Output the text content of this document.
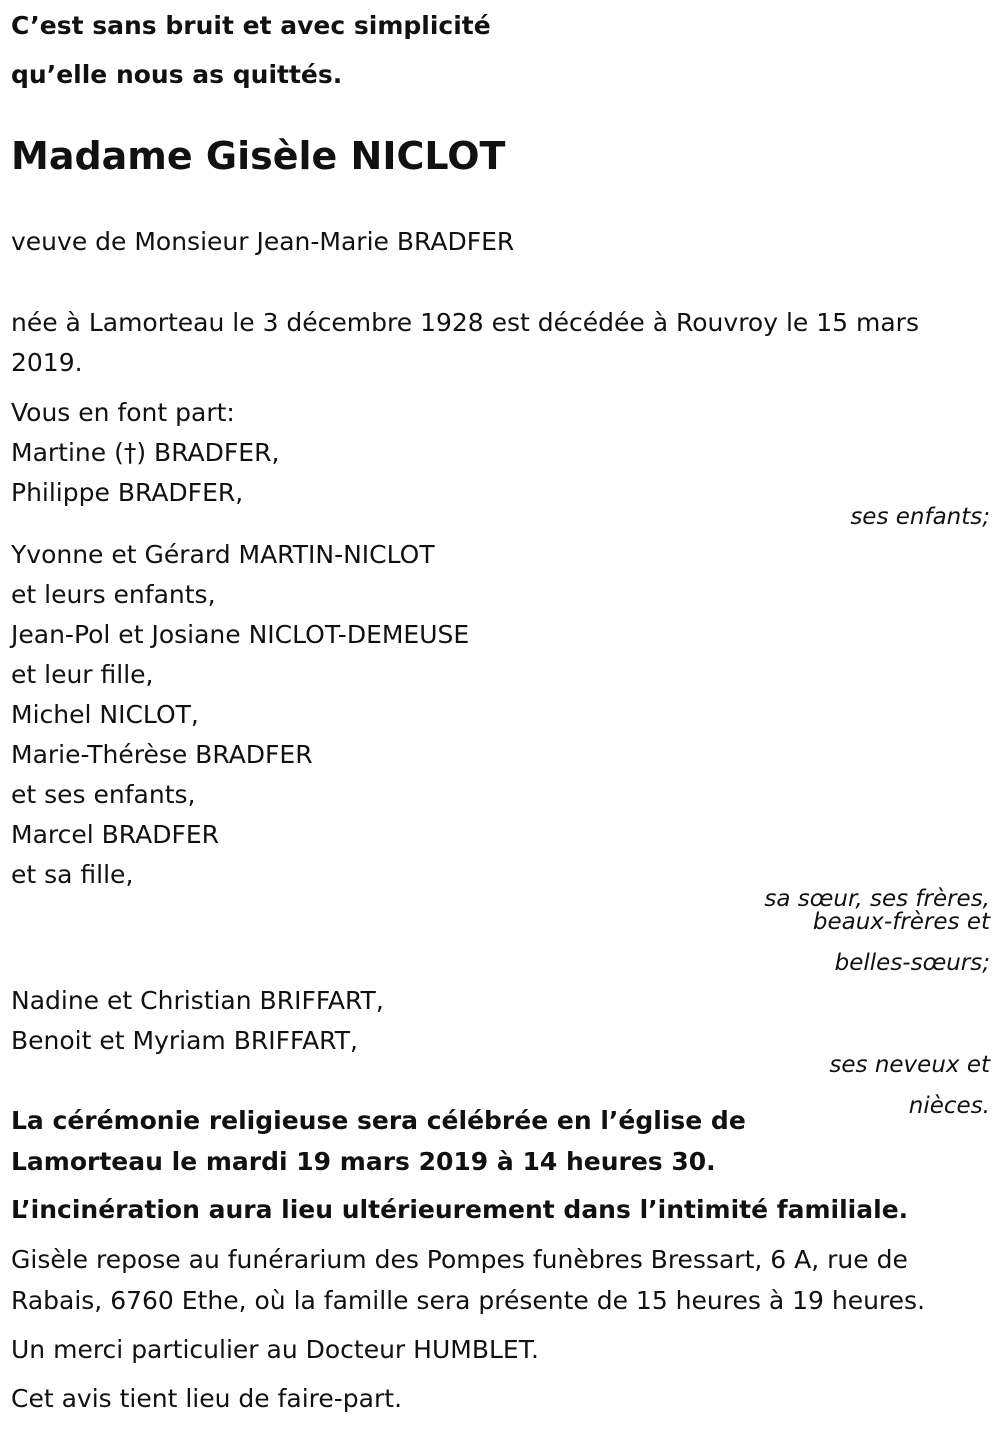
C’est sans bruit et avec simplicité

qu’elle nous as quittés.

Madame Gisèle NICLOT

veuve de Monsieur Jean-Marie BRADFER

née à Lamorteau le 3 décembre 1928 est décédée à Rouvroy le 15 mars

2019.

Vous en font part:

Martine (†) BRADFER,
Philippe BRADFER,

ses enfants;

Yvonne et Gérard MARTIN-NICLOT
et leurs enfants,
Jean-Pol et Josiane NICLOT-DEMEUSE
et leur fille,
Michel NICLOT,
Marie-Thérèse BRADFER
et ses enfants,
Marcel BRADFER
et sa fille,

sa sœur, ses frères,

beaux-frères et

belles-sœurs;

Nadine et Christian BRIFFART,
Benoit et Myriam BRIFFART,

ses neveux et

nièces.

La cérémonie religieuse sera célébrée en l’église de

Lamorteau le mardi 19 mars 2019 à 14 heures 30.

L’incinération aura lieu ultérieurement dans l’intimité familiale.

Gisèle repose au funérarium des Pompes funèbres Bressart, 6 A, rue de

Rabais, 6760 Ethe, où la famille sera présente de 15 heures à 19 heures.

Un merci particulier au Docteur HUMBLET.

Cet avis tient lieu de faire-part.
